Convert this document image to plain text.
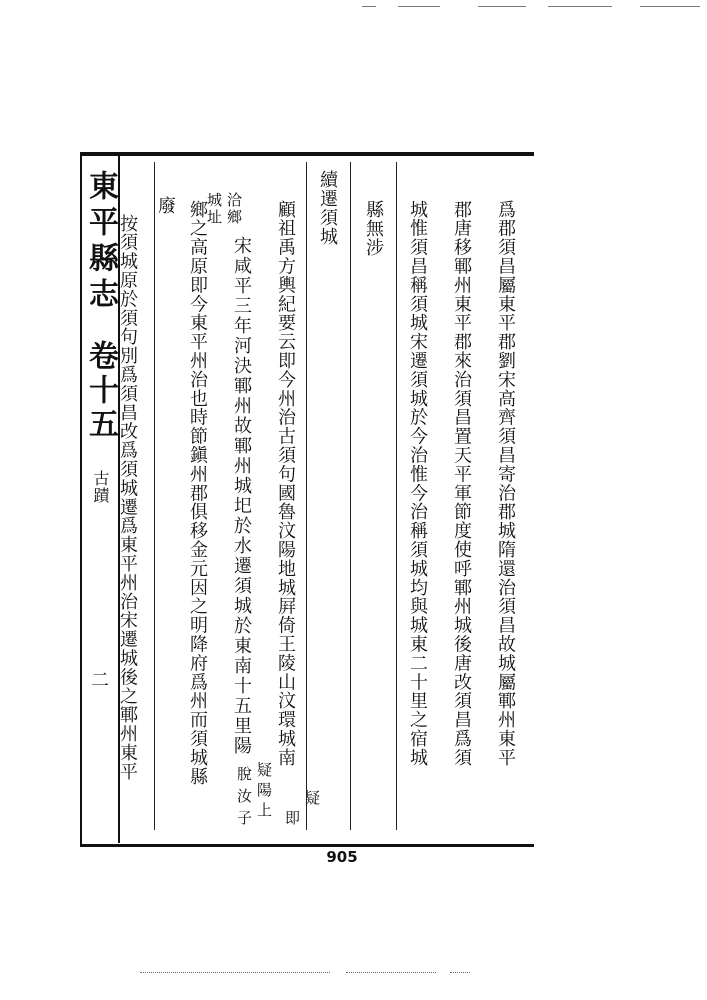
東平縣志
卷十五
古蹟
二	爲郡須昌屬東平郡劉宋高齊須昌寄治郡城隋還治須昌故城屬鄆州東平
郡唐移鄆州東平郡來治須昌置天平軍節度使呼鄆州城後唐改須昌爲須
城惟須昌稱須城宋遷須城於今治惟今治稱須城均與城東二十里之宿城
縣無涉
續遷須城
顧祖禹方輿紀要云即今州治古須句國魯汶陽地城屛倚王陵山汶環城南
宋咸平三年河決鄆州故鄆州城圯於水遷須城於東南十五里陽
鄉之高原即今東平州治也時節鎭州郡俱移金元因之明降府爲州而須城縣
廢
按須城原於須句別爲須昌改爲須城遷爲東平州治宋遷城後之鄆州東平
疑
即
疑
陽
上
脫
汝
子
洽鄉
城址
905
